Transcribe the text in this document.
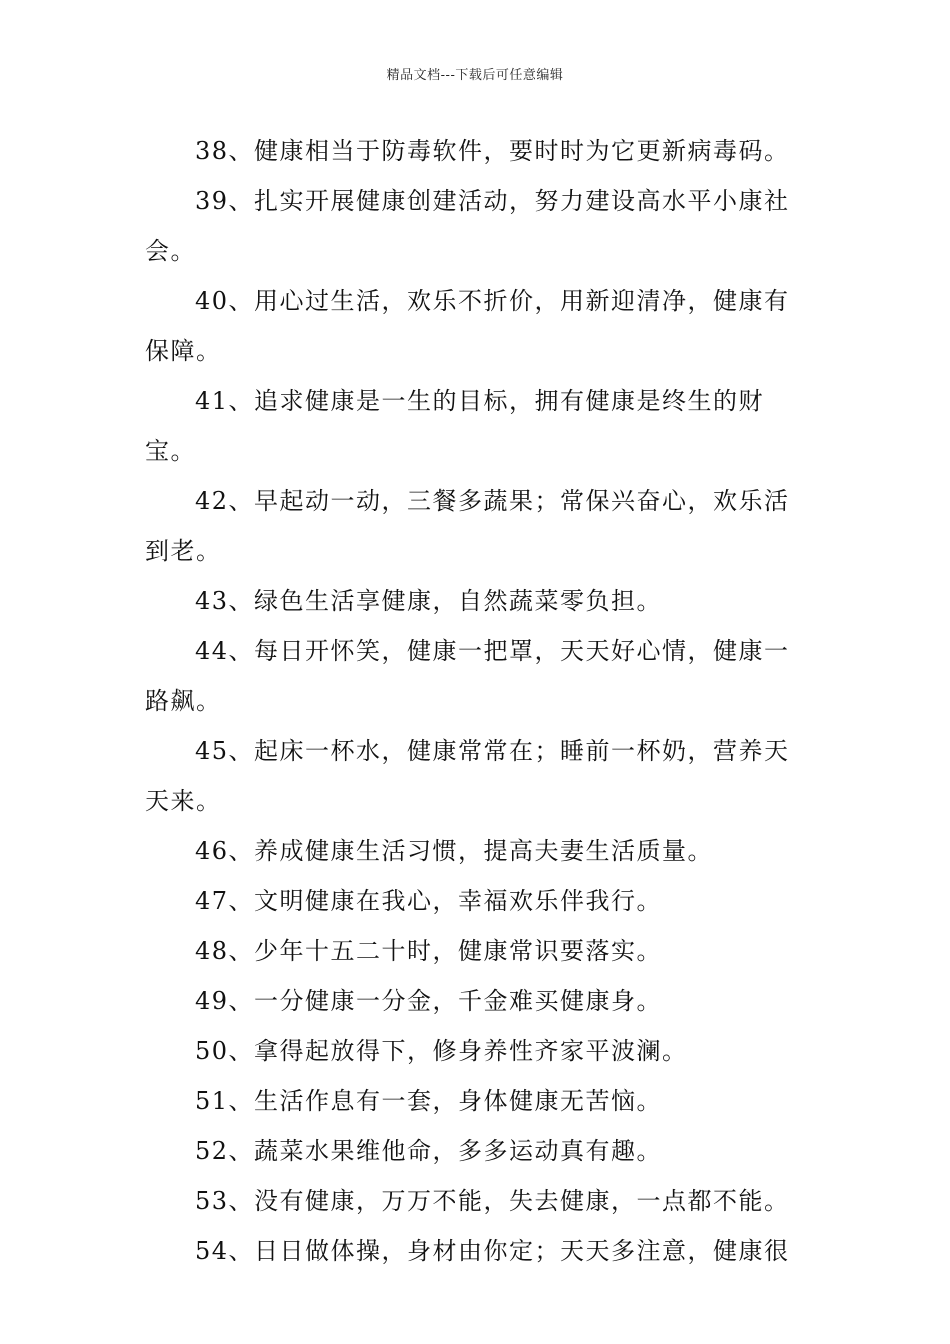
精品文档---下载后可任意编辑

38、健康相当于防毒软件，要时时为它更新病毒码。

39、扎实开展健康创建活动，努力建设高水平小康社会。

40、用心过生活，欢乐不折价，用新迎清净，健康有保障。

41、追求健康是一生的目标，拥有健康是终生的财宝。

42、早起动一动，三餐多蔬果；常保兴奋心，欢乐活到老。

43、绿色生活享健康，自然蔬菜零负担。

44、每日开怀笑，健康一把罩，天天好心情，健康一路飙。

45、起床一杯水，健康常常在；睡前一杯奶，营养天天来。

46、养成健康生活习惯，提高夫妻生活质量。

47、文明健康在我心，幸福欢乐伴我行。

48、少年十五二十时，健康常识要落实。

49、一分健康一分金，千金难买健康身。

50、拿得起放得下，修身养性齐家平波澜。

51、生活作息有一套，身体健康无苦恼。

52、蔬菜水果维他命，多多运动真有趣。

53、没有健康，万万不能，失去健康，一点都不能。

54、日日做体操，身材由你定；天天多注意，健康很
